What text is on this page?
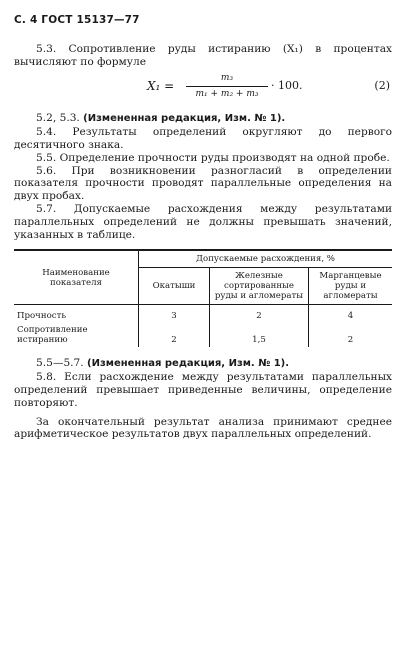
С. 4 ГОСТ 15137—77

5.3. Сопротивление руды истиранию (X₁) в процентах вычисляют по формуле

$X_1 = \frac{\text{m₃}}{\text{m₁ + m₂ + m₃}} \cdot 100$.	(2)

5.2, 5.3. (Измененная редакция, Изм. № 1).

5.4. Результаты определений округляют до первого десятичного знака.

5.5. Определение прочности руды производят на одной пробе.

5.6. При возникновении разногласий в определении показателя прочности проводят параллельные определения на двух пробах.

5.7. Допускаемые расхождения между результатами параллельных определений не должны превышать значений, указанных в таблице.

Наименование показателя	Допускаемые расхождения, %		
	Окатыши	Железные сортированные руды и агломераты	Марганцевые руды и агломераты
Прочность	3	2	4
Сопротивление истиранию	2	1,5	2

5.5—5.7. (Измененная редакция, Изм. № 1).

5.8. Если расхождение между результатами параллельных определений превышает приведенные величины, определение повторяют.

За окончательный результат анализа принимают среднее арифметическое результатов двух параллельных определений.
